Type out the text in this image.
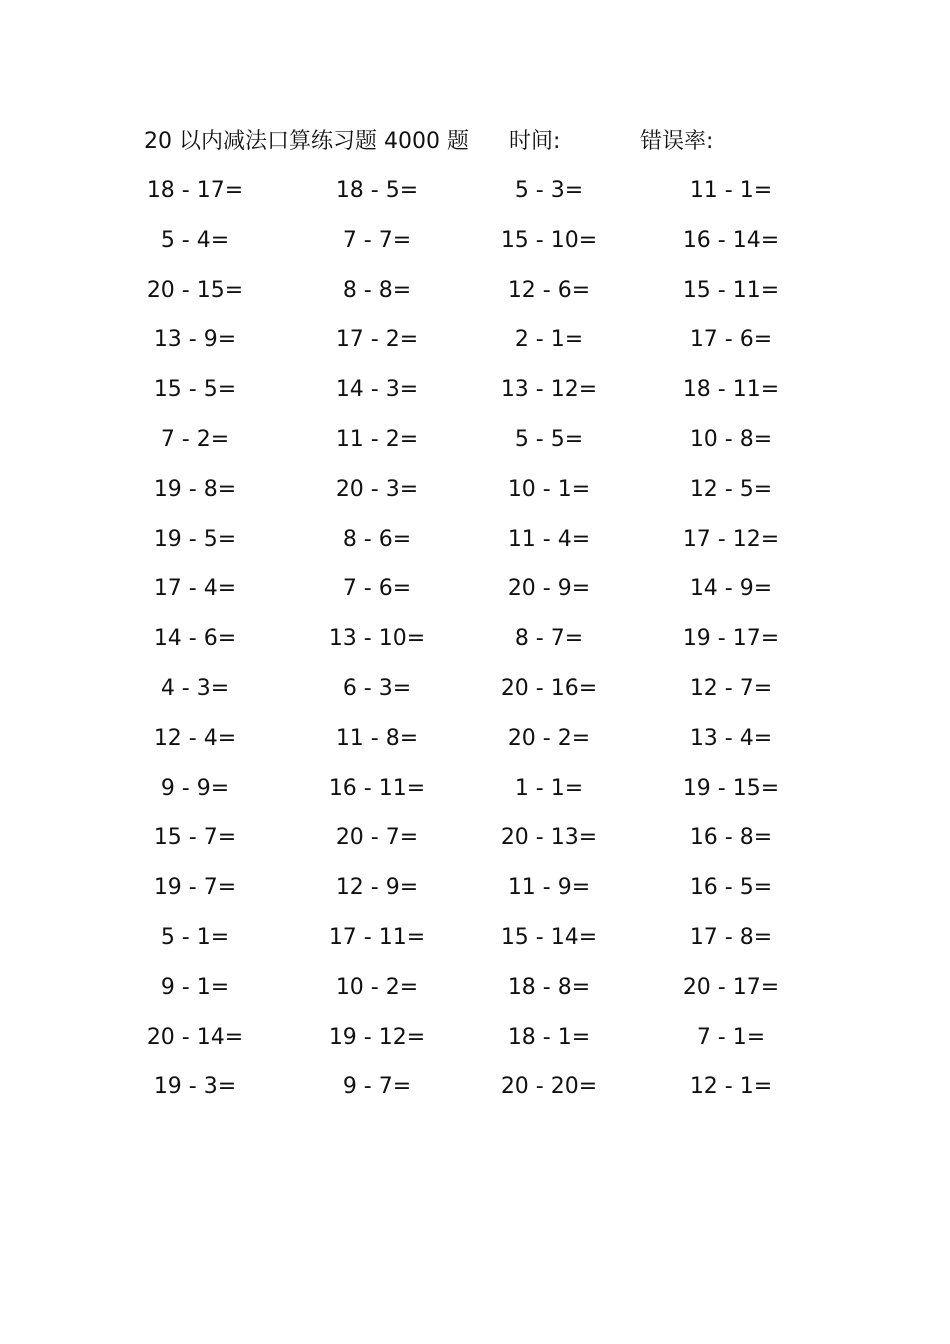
20 以内减法口算练习题 4000 题 时间:	错误率:
18 - 17=	18 - 5=	5 - 3=	11 - 1=
5 - 4=	7 - 7=	15 - 10=	16 - 14=
20 - 15=	8 - 8=	12 - 6=	15 - 11=
13 - 9=	17 - 2=	2 - 1=	17 - 6=
15 - 5=	14 - 3=	13 - 12=	18 - 11=
7 - 2=	11 - 2=	5 - 5=	10 - 8=
19 - 8=	20 - 3=	10 - 1=	12 - 5=
19 - 5=	8 - 6=	11 - 4=	17 - 12=
17 - 4=	7 - 6=	20 - 9=	14 - 9=
14 - 6=	13 - 10=	8 - 7=	19 - 17=
4 - 3=	6 - 3=	20 - 16=	12 - 7=
12 - 4=	11 - 8=	20 - 2=	13 - 4=
9 - 9=	16 - 11=	1 - 1=	19 - 15=
15 - 7=	20 - 7=	20 - 13=	16 - 8=
19 - 7=	12 - 9=	11 - 9=	16 - 5=
5 - 1=	17 - 11=	15 - 14=	17 - 8=
9 - 1=	10 - 2=	18 - 8=	20 - 17=
20 - 14=	19 - 12=	18 - 1=	7 - 1=
19 - 3=	9 - 7=	20 - 20=	12 - 1=
